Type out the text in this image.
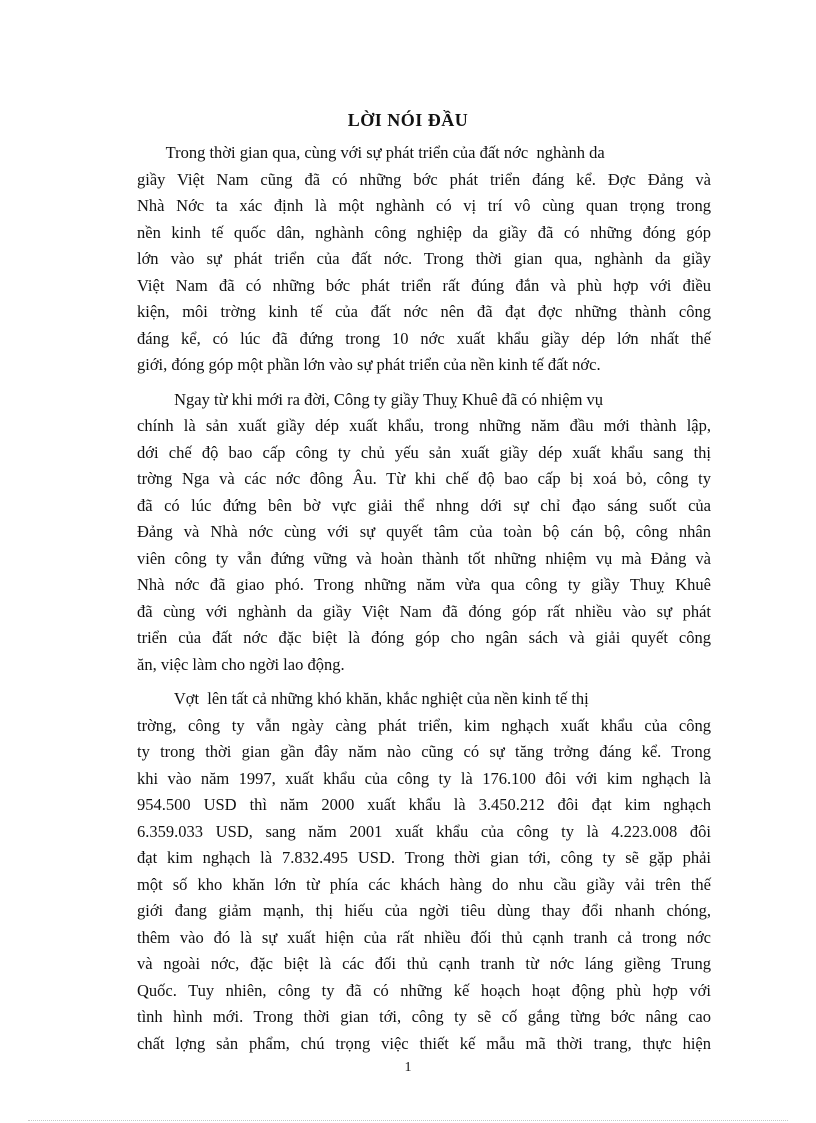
LỜI NÓI ĐẦU

Trong thời gian qua, cùng với sự phát triển của đất nớc  nghành da
giầy Việt Nam cũng đã có những bớc phát triển đáng kể. Đợc Đảng và
Nhà Nớc ta xác định là một nghành có vị trí vô cùng quan trọng trong
nền kinh tế quốc dân, nghành công nghiệp da giầy đã có những đóng góp
lớn vào sự phát triển của đất nớc. Trong thời gian qua, nghành da giầy
Việt Nam đã có những bớc phát triển rất đúng đắn và phù hợp với điều
kiện, môi trờng kinh tế của đất nớc nên đã đạt đợc những thành công
đáng kể, có lúc đã đứng trong 10 nớc xuất khẩu giầy dép lớn nhất thế
giới, đóng góp một phần lớn vào sự phát triển của nền kinh tế đất nớc.

Ngay từ khi mới ra đời, Công ty giầy Thuỵ Khuê đã có nhiệm vụ
chính là sản xuất giầy dép xuất khẩu, trong những năm đầu mới thành lập,
dới chế độ bao cấp công ty chủ yếu sản xuất giầy dép xuất khẩu sang thị
trờng Nga và các nớc đông Âu. Từ khi chế độ bao cấp bị xoá bỏ, công ty
đã có lúc đứng bên bờ vực giải thể nhng dới sự chỉ đạo sáng suốt của
Đảng và Nhà nớc cùng với sự quyết tâm của toàn bộ cán bộ, công nhân
viên công ty vẫn đứng vững và hoàn thành tốt những nhiệm vụ mà Đảng và
Nhà nớc đã giao phó. Trong những năm vừa qua công ty giầy Thuỵ Khuê
đã cùng với nghành da giầy Việt Nam đã đóng góp rất nhiều vào sự phát
triển của đất nớc đặc biệt là đóng góp cho ngân sách và giải quyết công
ăn, việc làm cho ngời lao động.

Vợt  lên tất cả những khó khăn, khắc nghiệt của nền kinh tế thị
trờng, công ty vẫn ngày càng phát triển, kim nghạch xuất khẩu của công
ty trong thời gian gần đây năm nào cũng có sự tăng trởng đáng kể. Trong
khi vào năm 1997, xuất khẩu của công ty là 176.100 đôi với kim nghạch là
954.500 USD thì năm 2000 xuất khẩu là 3.450.212 đôi đạt kim nghạch
6.359.033 USD, sang năm 2001 xuất khẩu của công ty là 4.223.008 đôi
đạt kim nghạch là 7.832.495 USD. Trong thời gian tới, công ty sẽ gặp phải
một số kho khăn lớn từ phía các khách hàng do nhu cầu giầy vải trên thế
giới đang giảm mạnh, thị hiếu của ngời tiêu dùng thay đổi nhanh chóng,
thêm vào đó là sự xuất hiện của rất nhiều đối thủ cạnh tranh cả trong nớc
và ngoài nớc, đặc biệt là các đối thủ cạnh tranh từ nớc láng giềng Trung
Quốc. Tuy nhiên, công ty đã có những kế hoạch hoạt động phù hợp với
tình hình mới. Trong thời gian tới, công ty sẽ cố gắng từng bớc nâng cao
chất lợng sản phẩm, chú trọng việc thiết kế mẫu mã thời trang, thực hiện

1
